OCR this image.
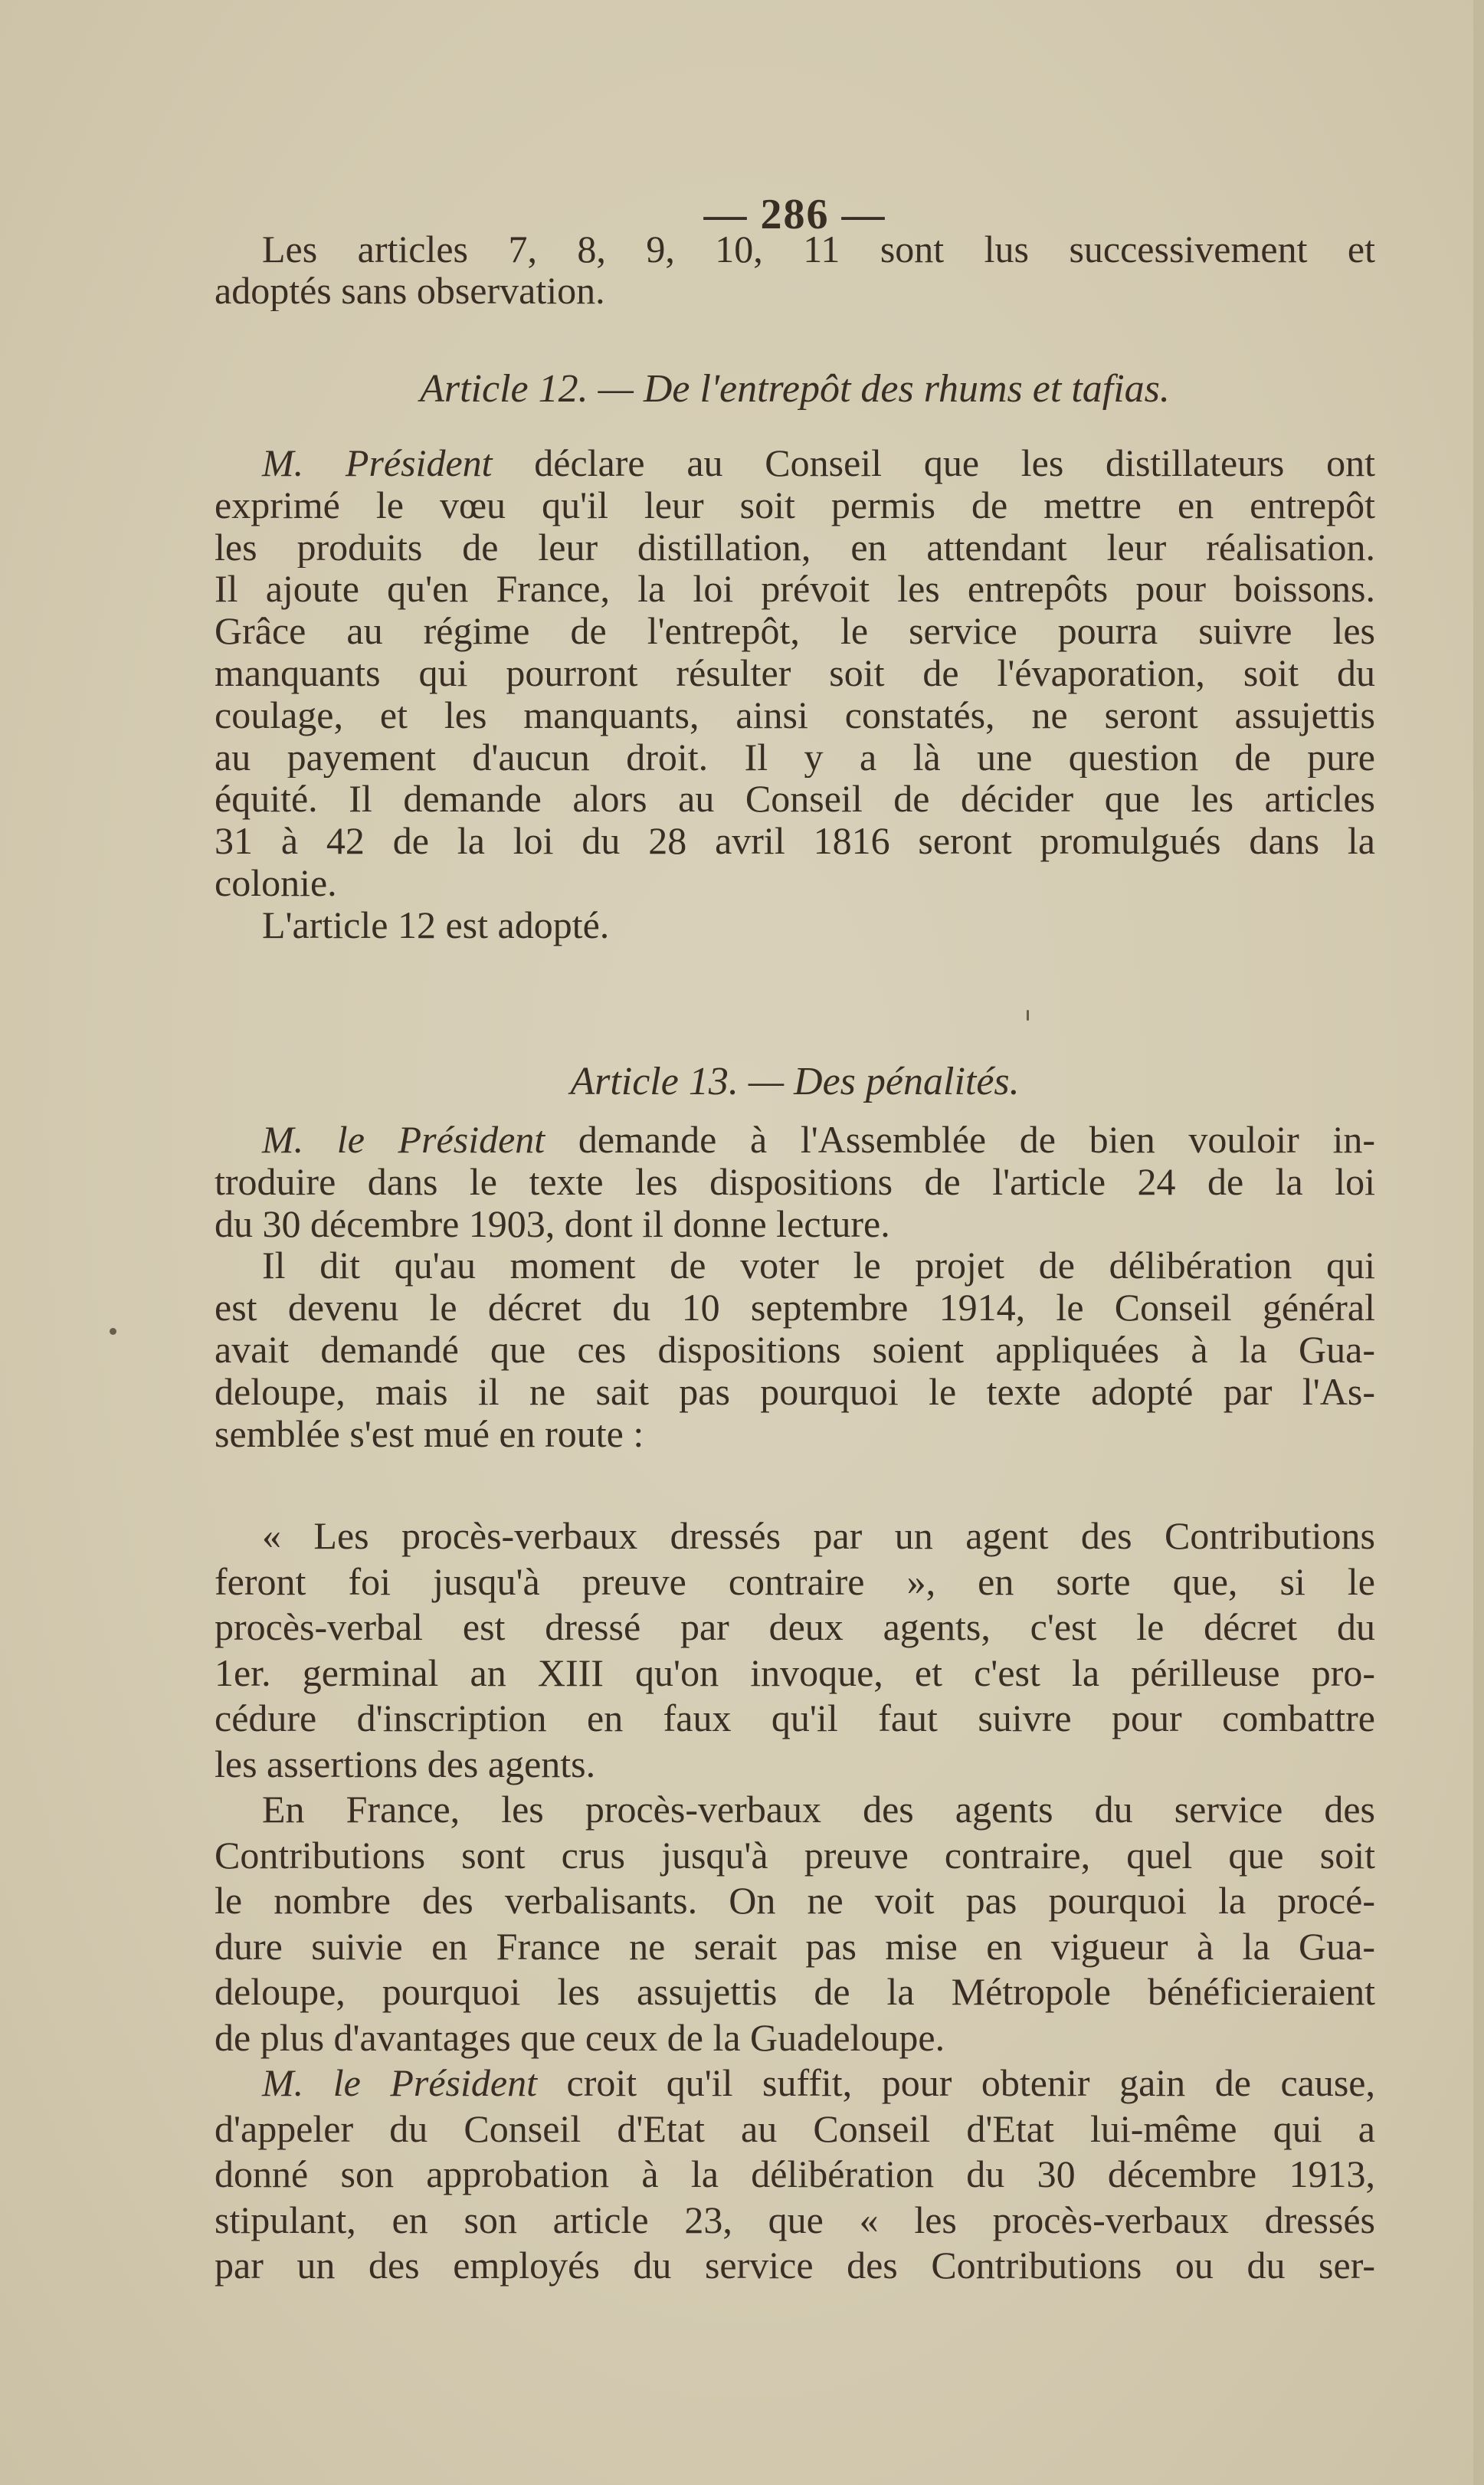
— 286 —
Les articles 7, 8, 9, 10, 11 sont lus successivement et
adoptés sans observation.
Article 12. — De l'entrepôt des rhums et tafias.
M. Président déclare au Conseil que les distillateurs ont
exprimé le vœu qu'il leur soit permis de mettre en entrepôt
les produits de leur distillation, en attendant leur réalisation.
Il ajoute qu'en France, la loi prévoit les entrepôts pour boissons.
Grâce au régime de l'entrepôt, le service pourra suivre les
manquants qui pourront résulter soit de l'évaporation, soit du
coulage, et les manquants, ainsi constatés, ne seront assujettis
au payement d'aucun droit. Il y a là une question de pure
équité. Il demande alors au Conseil de décider que les articles
31 à 42 de la loi du 28 avril 1816 seront promulgués dans la
colonie.
L'article 12 est adopté.
Article 13. — Des pénalités.
M. le Président demande à l'Assemblée de bien vouloir in-
troduire dans le texte les dispositions de l'article 24 de la loi
du 30 décembre 1903, dont il donne lecture.
Il dit qu'au moment de voter le projet de délibération qui
est devenu le décret du 10 septembre 1914, le Conseil général
avait demandé que ces dispositions soient appliquées à la Gua-
deloupe, mais il ne sait pas pourquoi le texte adopté par l'As-
semblée s'est mué en route :
« Les procès-verbaux dressés par un agent des Contributions
feront foi jusqu'à preuve contraire », en sorte que, si le
procès-verbal est dressé par deux agents, c'est le décret du
1er. germinal an XIII qu'on invoque, et c'est la périlleuse pro-
cédure d'inscription en faux qu'il faut suivre pour combattre
les assertions des agents.
En France, les procès-verbaux des agents du service des
Contributions sont crus jusqu'à preuve contraire, quel que soit
le nombre des verbalisants. On ne voit pas pourquoi la procé-
dure suivie en France ne serait pas mise en vigueur à la Gua-
deloupe, pourquoi les assujettis de la Métropole bénéficieraient
de plus d'avantages que ceux de la Guadeloupe.
M. le Président croit qu'il suffit, pour obtenir gain de cause,
d'appeler du Conseil d'Etat au Conseil d'Etat lui-même qui a
donné son approbation à la délibération du 30 décembre 1913,
stipulant, en son article 23, que « les procès-verbaux dressés
par un des employés du service des Contributions ou du ser-
